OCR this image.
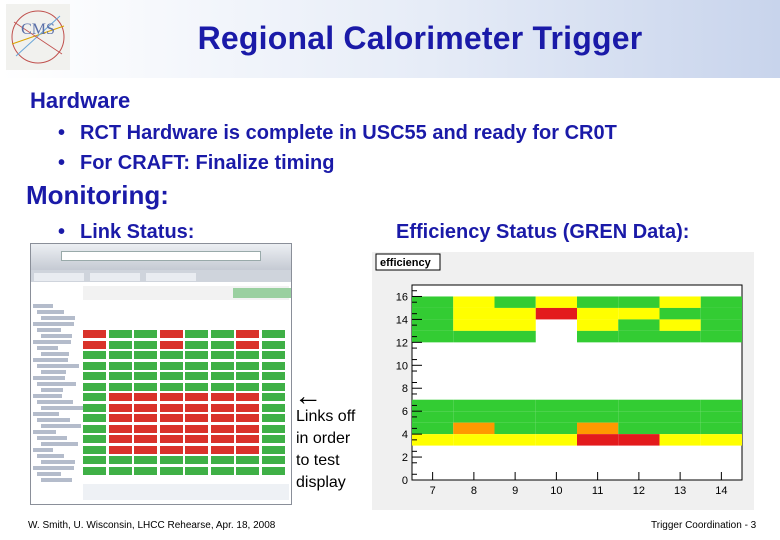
CMS	Regional Calorimeter Trigger
Hardware
• RCT Hardware is complete in USC55 and ready for CR0T
• For CRAFT: Finalize timing
Monitoring:
• Link Status:	Efficiency Status (GREN Data):
←
Links off
in order
to test
display
efficiency
0
2
4
6
8
10
12
14
16
7	8	9	10	11	12	13	14
W. Smith, U. Wisconsin, LHCC Rehearse, Apr. 18, 2008	Trigger Coordination - 3
